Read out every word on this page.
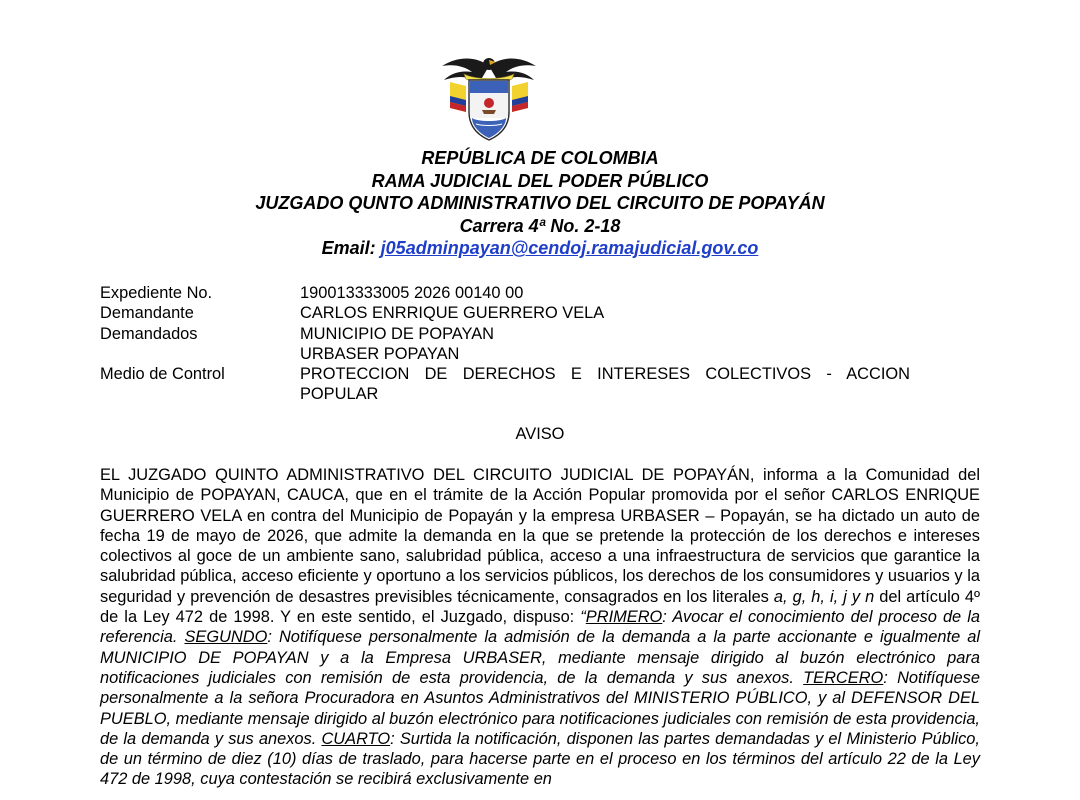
REPÚBLICA DE COLOMBIA
RAMA JUDICIAL DEL PODER PÚBLICO
JUZGADO QUNTO ADMINISTRATIVO DEL CIRCUITO DE POPAYÁN
Carrera 4ª No. 2-18
Email: j05adminpayan@cendoj.ramajudicial.gov.co
Expediente No.	190013333005 2026 00140 00
Demandante	CARLOS ENRRIQUE GUERRERO VELA
Demandados	MUNICIPIO DE POPAYAN
URBASER POPAYAN
Medio de Control	PROTECCION DE DERECHOS E INTERESES COLECTIVOS - ACCION
POPULAR
AVISO

EL JUZGADO QUINTO ADMINISTRATIVO DEL CIRCUITO JUDICIAL DE POPAYÁN, informa a la Comunidad del Municipio de POPAYAN, CAUCA, que en el trámite de la Acción Popular promovida por el señor CARLOS ENRIQUE GUERRERO VELA en contra del Municipio de Popayán y la empresa URBASER – Popayán, se ha dictado un auto de fecha 19 de mayo de 2026, que admite la demanda en la que se pretende la protección de los derechos e intereses colectivos al goce de un ambiente sano, salubridad pública, acceso a una infraestructura de servicios que garantice la salubridad pública, acceso eficiente y oportuno a los servicios públicos, los derechos de los consumidores y usuarios y la seguridad y prevención de desastres previsibles técnicamente, consagrados en los literales a, g, h, i, j y n del artículo 4º de la Ley 472 de 1998. Y en este sentido, el Juzgado, dispuso: “PRIMERO: Avocar el conocimiento del proceso de la referencia. SEGUNDO: Notifíquese personalmente la admisión de la demanda a la parte accionante e igualmente al MUNICIPIO DE POPAYAN y a la Empresa URBASER, mediante mensaje dirigido al buzón electrónico para notificaciones judiciales con remisión de esta providencia, de la demanda y sus anexos. TERCERO: Notifíquese personalmente a la señora Procuradora en Asuntos Administrativos del MINISTERIO PÚBLICO, y al DEFENSOR DEL PUEBLO, mediante mensaje dirigido al buzón electrónico para notificaciones judiciales con remisión de esta providencia, de la demanda y sus anexos. CUARTO: Surtida la notificación, disponen las partes demandadas y el Ministerio Público, de un término de diez (10) días de traslado, para hacerse parte en el proceso en los términos del artículo 22 de la Ley 472 de 1998, cuya contestación se recibirá exclusivamente en
